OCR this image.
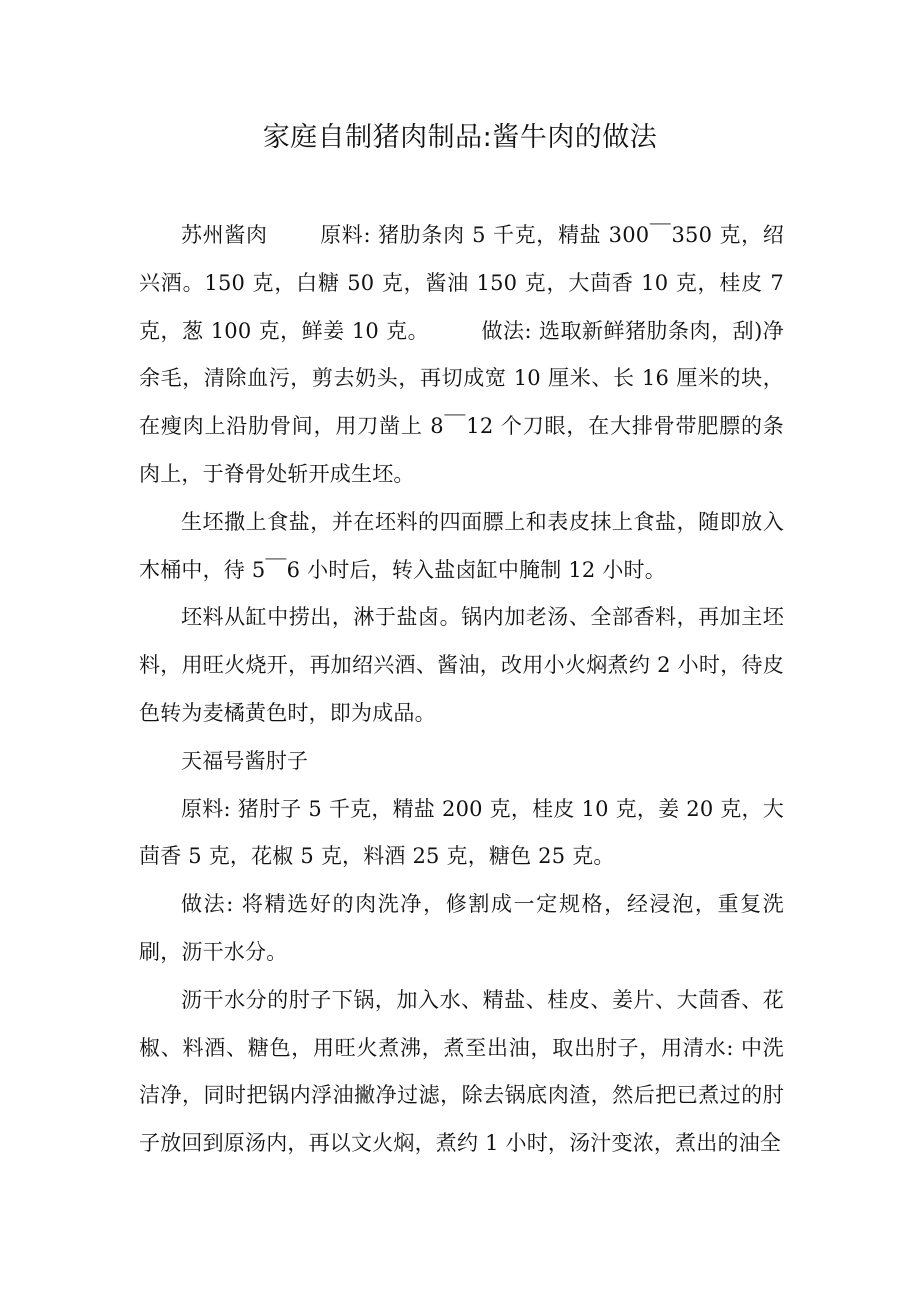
家庭自制猪肉制品:酱牛肉的做法

苏州酱肉 原料: 猪肋条肉 5 千克，精盐 300￣350 克，绍兴酒。150 克，白糖 50 克，酱油 150 克，大茴香 10 克，桂皮 7 克，葱 100 克，鲜姜 10 克。 做法: 选取新鲜猪肋条肉，刮)净余毛，清除血污，剪去奶头，再切成宽 10 厘米、长 16 厘米的块，在瘦肉上沿肋骨间，用刀凿上 8￣12 个刀眼，在大排骨带肥膘的条肉上，于脊骨处斩开成生坯。

生坯撒上食盐，并在坯料的四面膘上和表皮抹上食盐，随即放入木桶中，待 5￣6 小时后，转入盐卤缸中腌制 12 小时。

坯料从缸中捞出，淋于盐卤。锅内加老汤、全部香料，再加主坯料，用旺火烧开，再加绍兴酒、酱油，改用小火焖煮约 2 小时，待皮色转为麦橘黄色时，即为成品。

天福号酱肘子

原料: 猪肘子 5 千克，精盐 200 克，桂皮 10 克，姜 20 克，大茴香 5 克，花椒 5 克，料酒 25 克，糖色 25 克。

做法: 将精选好的肉洗净，修割成一定规格，经浸泡，重复洗刷，沥干水分。

沥干水分的肘子下锅，加入水、精盐、桂皮、姜片、大茴香、花椒、料酒、糖色，用旺火煮沸，煮至出油，取出肘子，用清水: 中洗洁净，同时把锅内浮油撇净过滤，除去锅底肉渣，然后把已煮过的肘子放回到原汤内，再以文火焖，煮约 1 小时，汤汁变浓，煮出的油全
